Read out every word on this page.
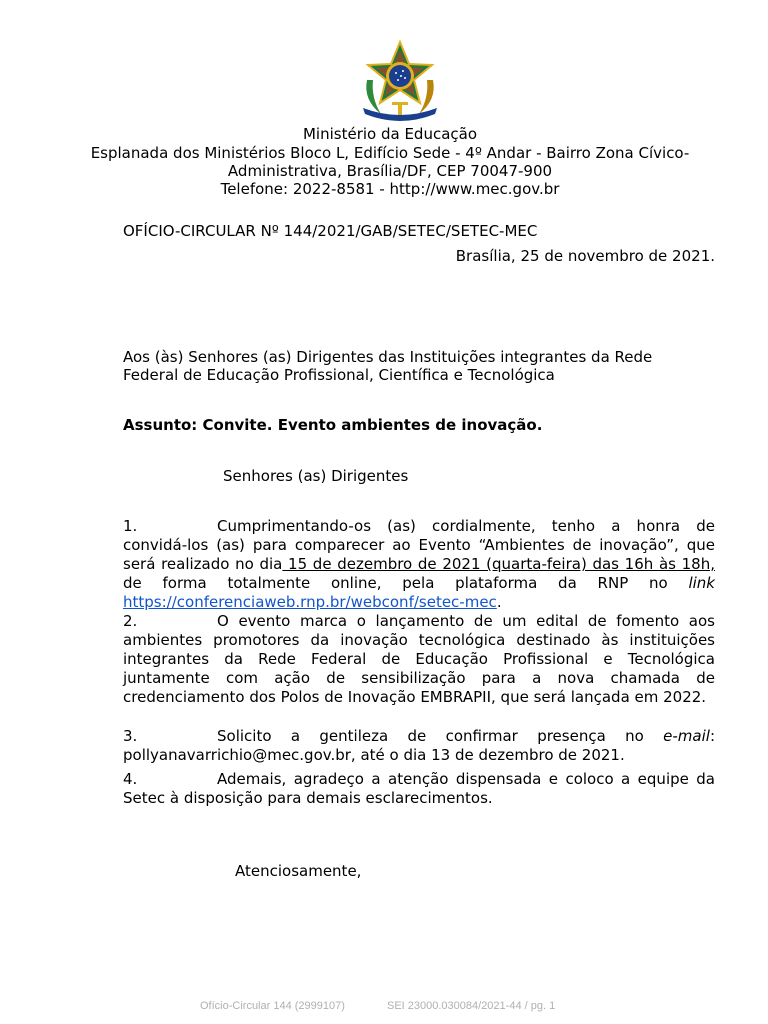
Ministério da Educação
Esplanada dos Ministérios Bloco L, Edifício Sede - 4º Andar - Bairro Zona Cívico-
Administrativa, Brasília/DF, CEP 70047-900
Telefone: 2022-8581 - http://www.mec.gov.br
OFÍCIO-CIRCULAR Nº 144/2021/GAB/SETEC/SETEC-MEC
Brasília, 25 de novembro de 2021.
Aos (às) Senhores (as) Dirigentes das Instituições integrantes da Rede
Federal de Educação Profissional, Científica e Tecnológica
Assunto: Convite. Evento ambientes de inovação.
Senhores (as) Dirigentes
1.	Cumprimentando-os (as) cordialmente, tenho a honra de convidá-los (as) para comparecer ao Evento “Ambientes de inovação”, que será realizado no dia 15 de dezembro de 2021 (quarta-feira) das 16h às 18h, de forma totalmente online, pela plataforma da RNP no link https://conferenciaweb.rnp.br/webconf/setec-mec.
2.	O evento marca o lançamento de um edital de fomento aos ambientes promotores da inovação tecnológica destinado às instituições integrantes da Rede Federal de Educação Profissional e Tecnológica juntamente com ação de sensibilização para a nova chamada de credenciamento dos Polos de Inovação EMBRAPII, que será lançada em 2022.
3.	Solicito a gentileza de confirmar presença no e-mail: pollyanavarrichio@mec.gov.br, até o dia 13 de dezembro de 2021.
4.	Ademais, agradeço a atenção dispensada e coloco a equipe da Setec à disposição para demais esclarecimentos.
Atenciosamente,
Ofício-Circular 144 (2999107)	SEI 23000.030084/2021-44 / pg. 1
